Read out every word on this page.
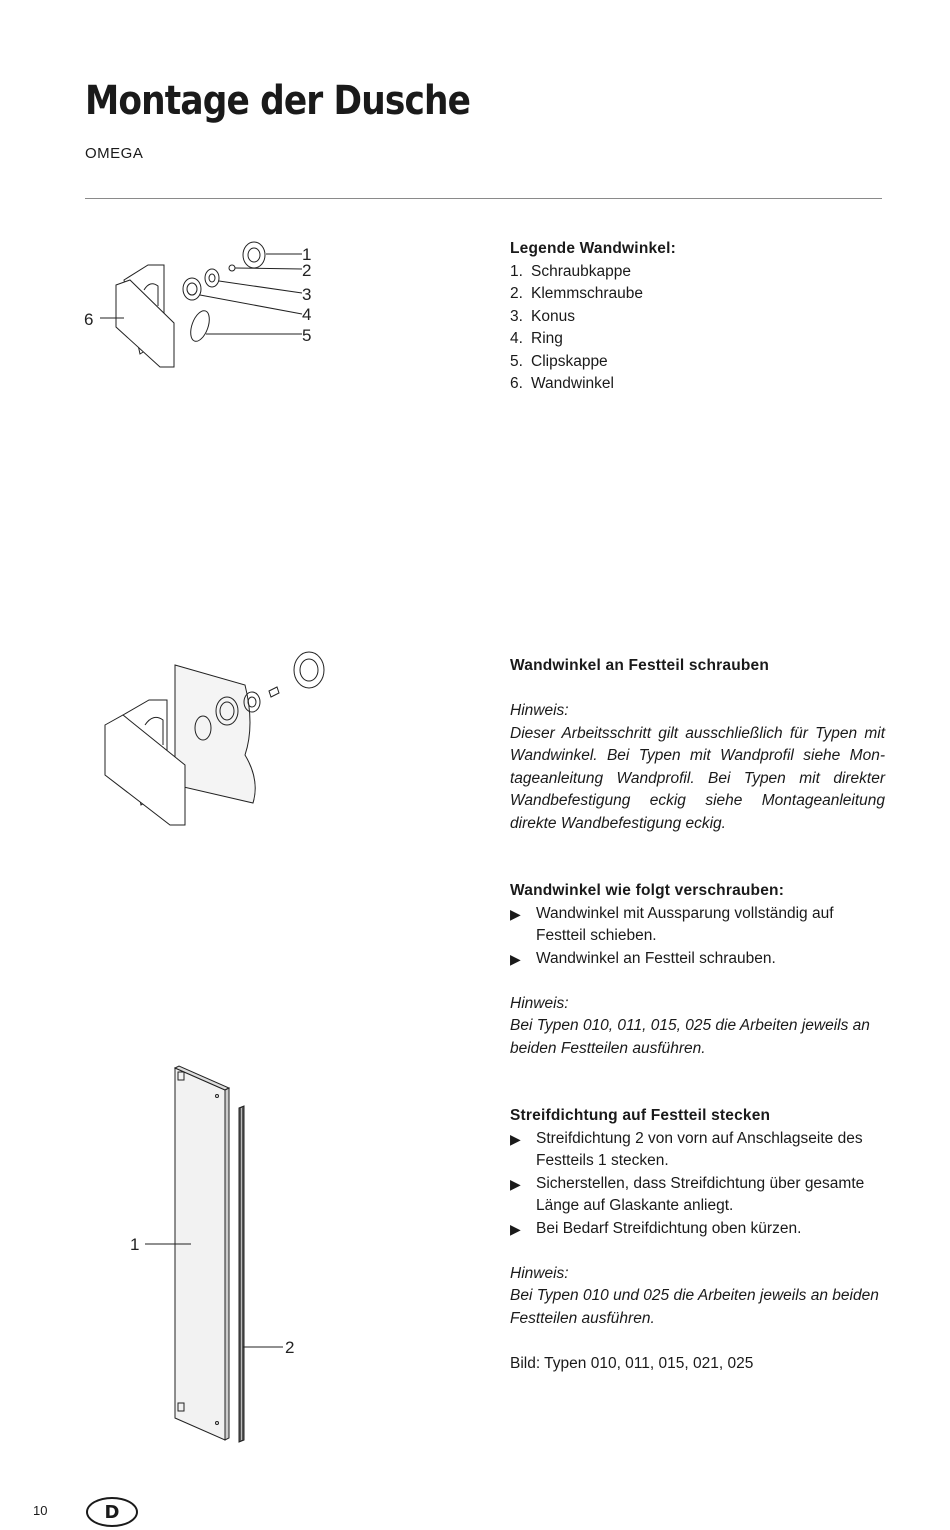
Montage der Dusche
OMEGA
1
2
3
4
5
6

Legende Wandwinkel:

1. Schraubkappe
2. Klemmschraube
3. Konus
4. Ring
5. Clipskappe
6. Wandwinkel

Wandwinkel an Festteil schrauben

Hinweis:

Dieser Arbeitsschritt gilt ausschließlich für Typen mit Wandwinkel. Bei Typen mit Wandprofil siehe Montageanleitung Wandprofil. Bei Typen mit direkter Wandbefestigung eckig siehe Montageanleitung direkte Wandbefestigung eckig.

Wandwinkel wie folgt verschrauben:

▶ Wandwinkel mit Aussparung vollständig auf Festteil schieben.
▶ Wandwinkel an Festteil schrauben.

Hinweis:

Bei Typen 010, 011, 015, 025 die Arbeiten jeweils an beiden Festteilen ausführen.

1
2

Streifdichtung auf Festteil stecken

▶ Streifdichtung 2 von vorn auf Anschlagseite des Festteils 1 stecken.
▶ Sicherstellen, dass Streifdichtung über gesamte Länge auf Glaskante anliegt.
▶ Bei Bedarf Streifdichtung oben kürzen.

Hinweis:

Bei Typen 010 und 025 die Arbeiten jeweils an beiden Festteilen ausführen.

Bild: Typen 010, 011, 015, 021, 025

10	D
